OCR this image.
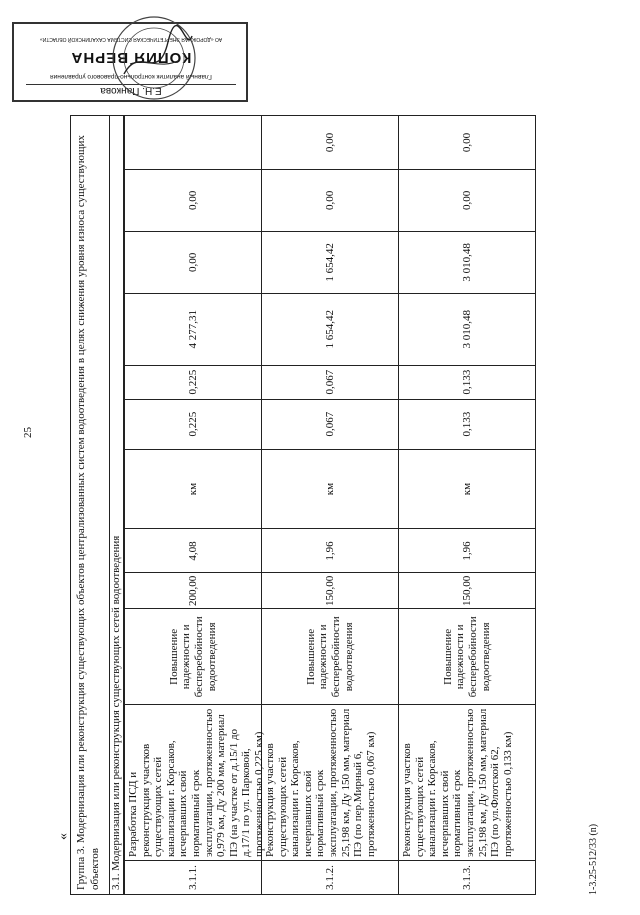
25
«	1-3.25-512/33 (n)
Группа 3. Модернизация или реконструкция существующих объектов централизованных систем водоотведения в целях снижения уровня износа существующих объектов 3.1. Модернизация или реконструкция существующих сетей водоотведения	3.1.1.
Разработка ПСД и реконструкция участков существующих сетей канализации г. Корсаков, исчерпавших свой нормативный срок эксплуатации, протяженностью 0,979 км, Ду 200 мм, материал ПЭ (на участке от д.15/1 до д.17/1 по ул. Парковой, протяженностью 0,225 км)
Повышение надежности и бесперебойности водоотведения
200,00
4,08
км
0,225
0,225
4 277,31
0,00
0,00
3.1.2.
Реконструкция участков существующих сетей канализации г. Корсаков, исчерпавших свой нормативный срок эксплуатации, протяженностью 25,198 км, Ду 150 мм, материал ПЭ (по пер.Мирный 6, протяженностью 0,067 км)
Повышение надежности и бесперебойности водоотведения
150,00
1,96
км
0,067
0,067
1 654,42
1 654,42
0,00
0,00
3.1.3.
Реконструкция участков существующих сетей канализации г. Корсаков, исчерпавших свой нормативный срок эксплуатации, протяженностью 25,198 км, Ду 150 мм, материал ПЭ (по ул.Флотской 62, протяженностью 0,133 км)
Повышение надежности и бесперебойности водоотведения
150,00
1,96
км
0,133
0,133
3 010,48
3 010,48
0,00
0,00
Е.Н. Панкова
Главный аналитик контрольно-правового управления
КОПИЯ ВЕРНА
АО «ДОРОЖНАЯ ЭНЕРГЕТИЧЕСКАЯ СИСТЕМА САХАЛИНСКОЙ ОБЛАСТИ»
